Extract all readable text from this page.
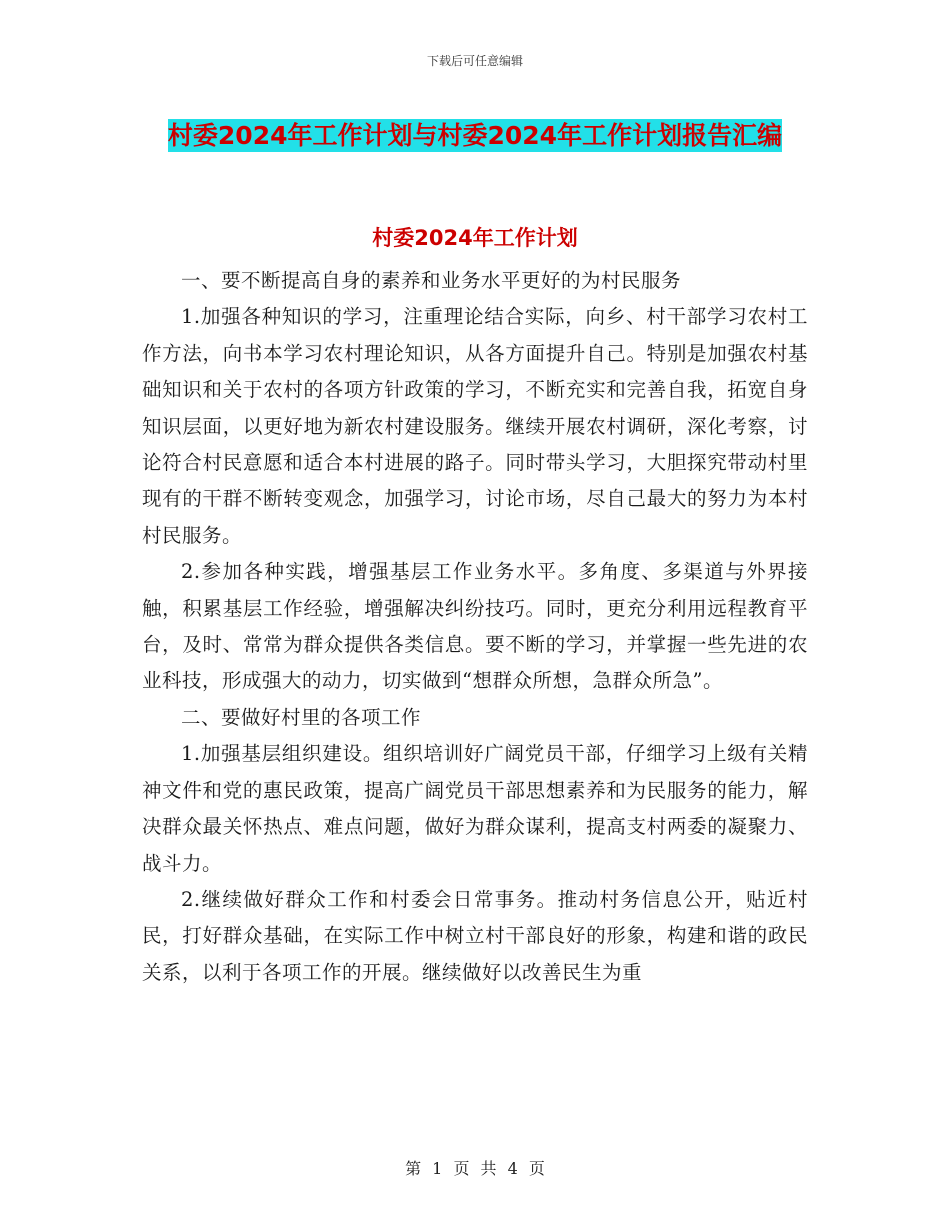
下载后可任意编辑
村委2024年工作计划与村委2024年工作计划报告汇编
村委2024年工作计划

一、要不断提高自身的素养和业务水平更好的为村民服务

1.加强各种知识的学习，注重理论结合实际，向乡、村干部学习农村工作方法，向书本学习农村理论知识，从各方面提升自己。特别是加强农村基础知识和关于农村的各项方针政策的学习，不断充实和完善自我，拓宽自身知识层面，以更好地为新农村建设服务。继续开展农村调研，深化考察，讨论符合村民意愿和适合本村进展的路子。同时带头学习，大胆探究带动村里现有的干群不断转变观念，加强学习，讨论市场，尽自己最大的努力为本村村民服务。

2.参加各种实践，增强基层工作业务水平。多角度、多渠道与外界接触，积累基层工作经验，增强解决纠纷技巧。同时，更充分利用远程教育平台，及时、常常为群众提供各类信息。要不断的学习，并掌握一些先进的农业科技，形成强大的动力，切实做到“想群众所想，急群众所急”。

二、要做好村里的各项工作

1.加强基层组织建设。组织培训好广阔党员干部，仔细学习上级有关精神文件和党的惠民政策，提高广阔党员干部思想素养和为民服务的能力，解决群众最关怀热点、难点问题，做好为群众谋利，提高支村两委的凝聚力、战斗力。

2.继续做好群众工作和村委会日常事务。推动村务信息公开，贴近村民，打好群众基础，在实际工作中树立村干部良好的形象，构建和谐的政民关系，以利于各项工作的开展。继续做好以改善民生为重

第 1 页 共 4 页
